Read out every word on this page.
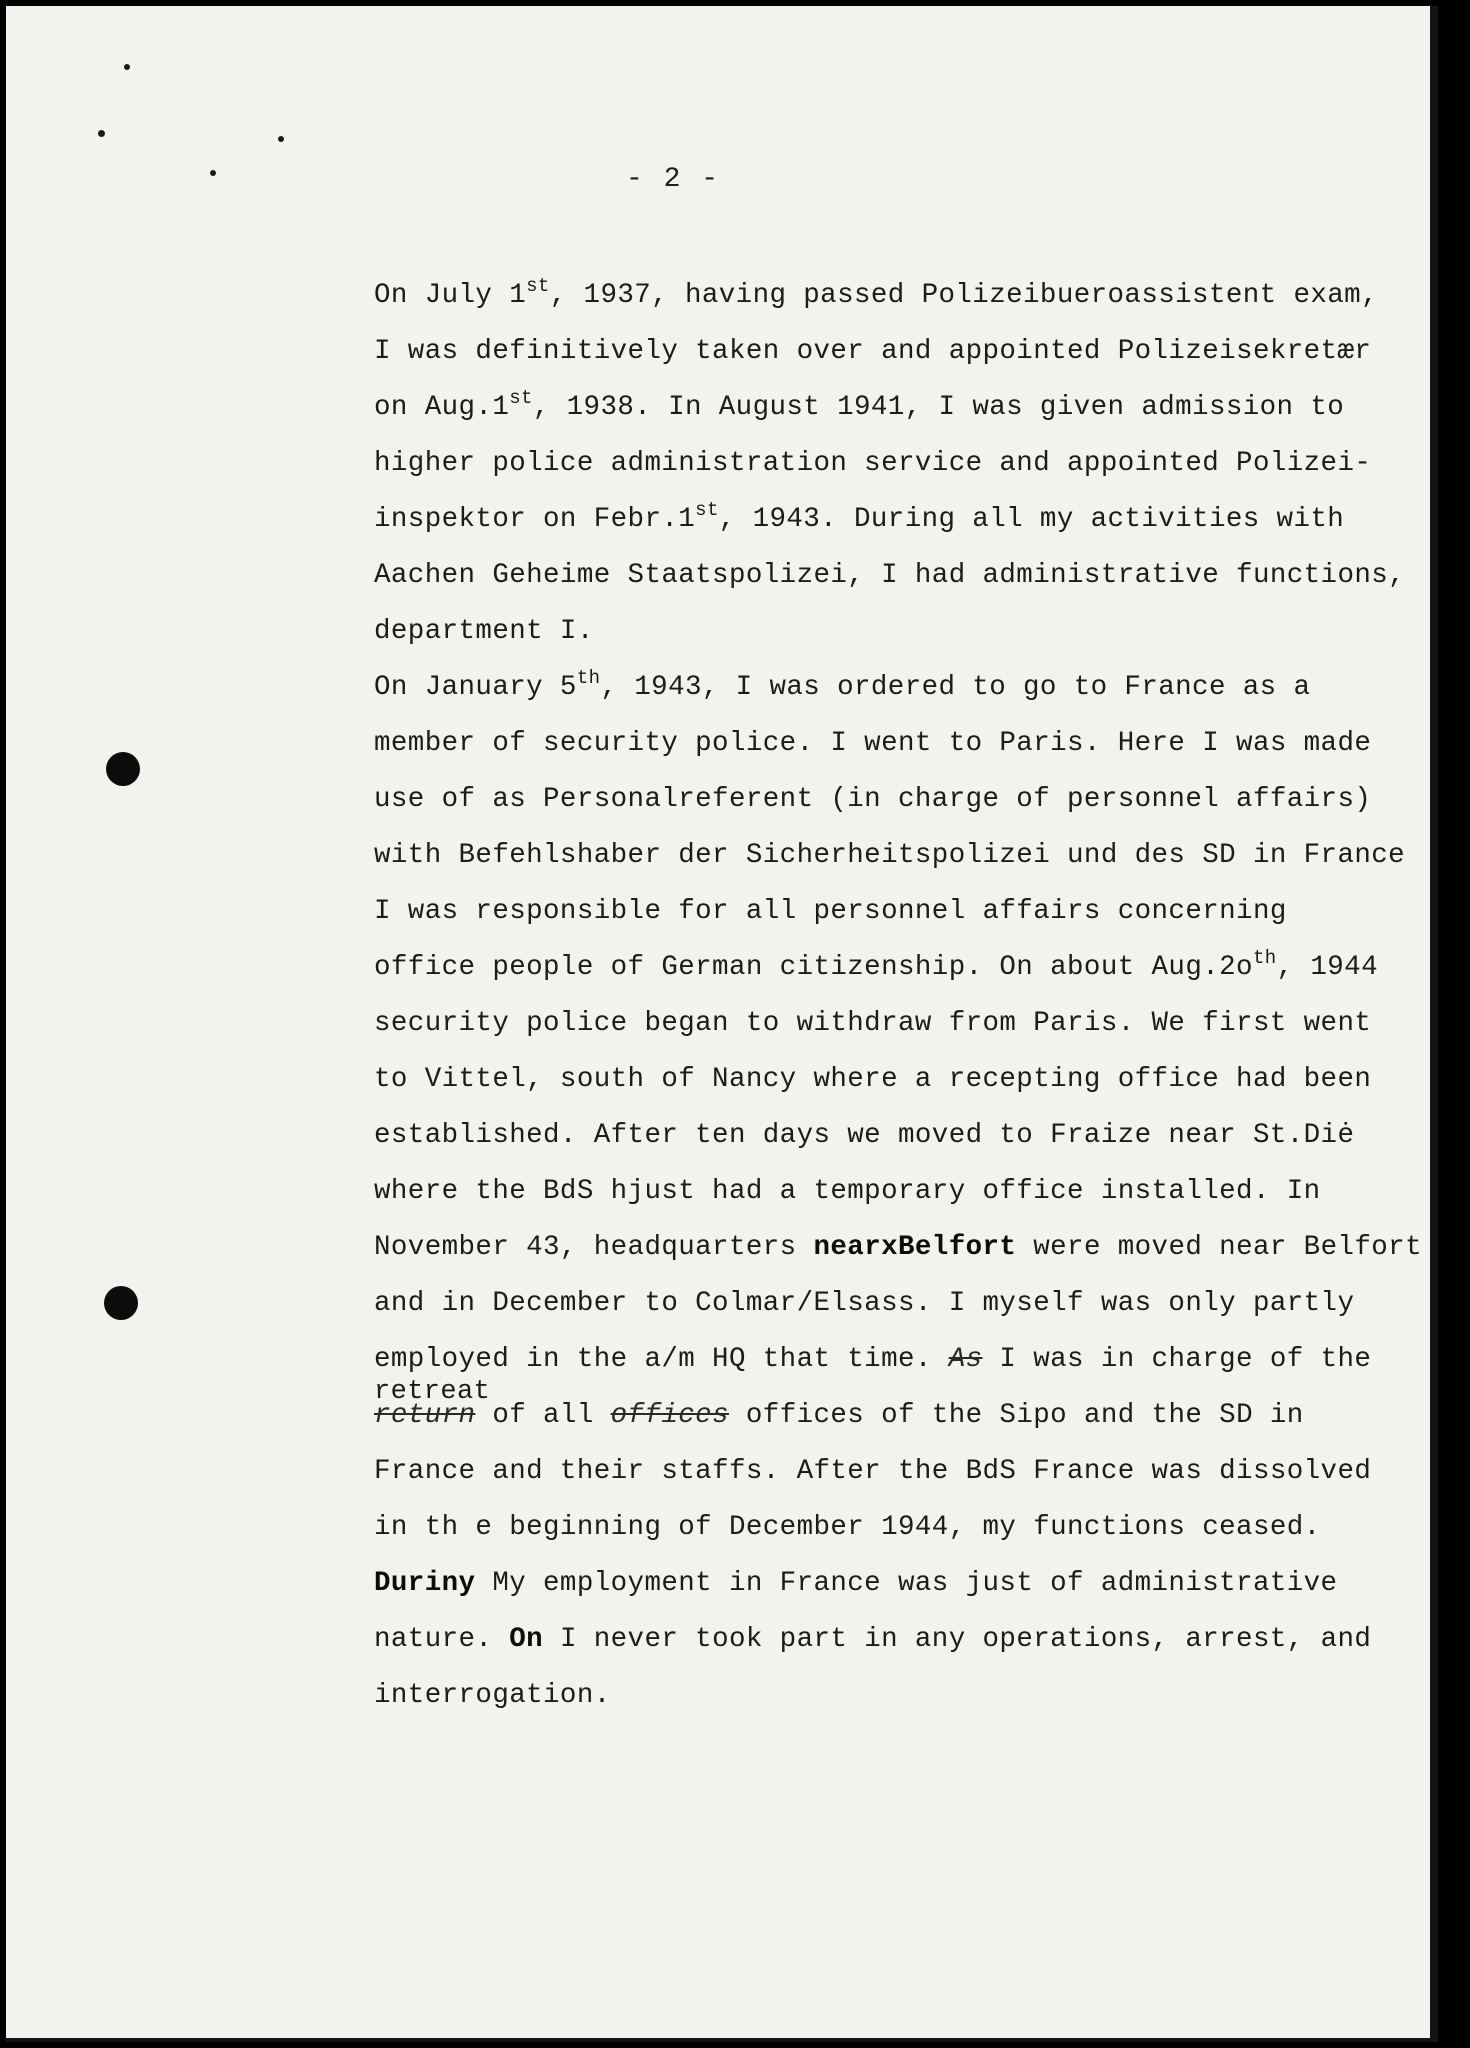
- 2 -
On July 1st, 1937, having passed Polizeibueroassistent exam,
I was definitively taken over and appointed Polizeisekretær
on Aug.1st, 1938. In August 1941, I was given admission to
higher police administration service and appointed Polizei-
inspektor on Febr.1st, 1943. During all my activities with
Aachen Geheime Staatspolizei, I had administrative functions,
department I.
On January 5th, 1943, I was ordered to go to France as a
member of security police. I went to Paris. Here I was made
use of as Personalreferent (in charge of personnel affairs)
with Befehlshaber der Sicherheitspolizei und des SD in France
I was responsible for all personnel affairs concerning
office people of German citizenship. On about $Aug.2o^{th}$, 1944
security police began to withdraw from Paris. We first went
to Vittel, south of Nancy where a recepting office had been
established. After ten days we moved to Fraize near St.Diė
where the BdS hjust had a temporary office installed. In
November 43, headquarters nearxBelfort were moved near Belfort
and in December to Colmar/Elsass. I myself was only partly
employed in the a/m HQ that time. As I was in charge of the
retreat
return of all offices offices of the Sipo and the SD in
France and their staffs. After the BdS France was dissolved
in th e beginning of December 1944, my functions ceased.
Duriny My employment in France was just of administrative
nature. On I never took part in any operations, arrest, and
interrogation.
